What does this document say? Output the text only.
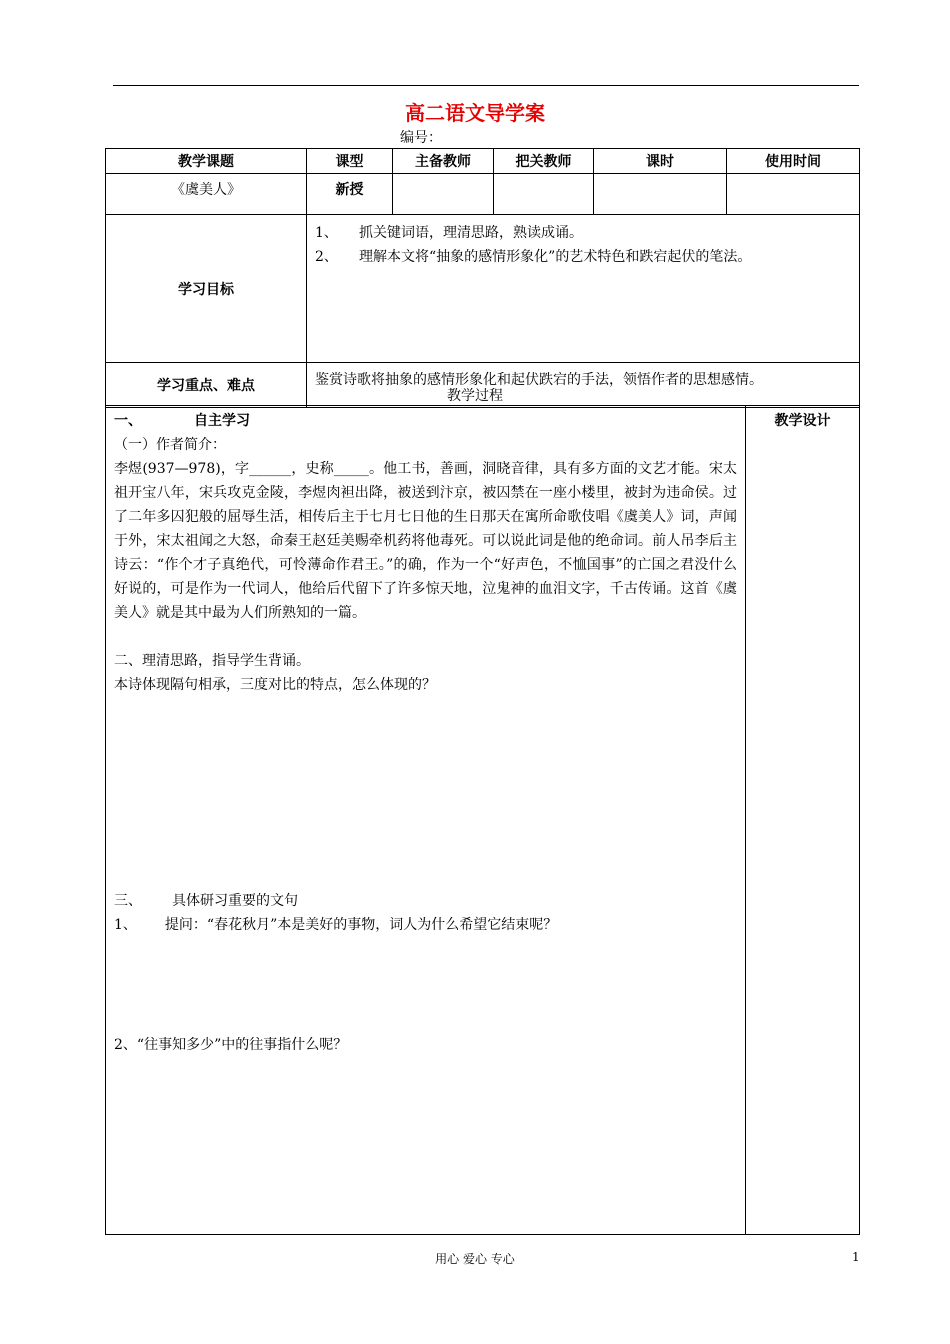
高二语文导学案
编号：
教学课题	课型	主备教师	把关教师	课时	使用时间
《虞美人》	新授				
学习目标	1、 抓关键词语，理清思路，熟读成诵。
2、 理解本文将“抽象的感情形象化”的艺术特色和跌宕起伏的笔法。				

学习重点、难点	鉴赏诗歌将抽象的感情形象化和起伏跌宕的手法，领悟作者的思想感情。				
教学过程
一、	自主学习
（一）作者简介：
李煜(937—978)，字______，史称_____。他工书，善画，洞晓音律，具有多方面的文艺才能。宋太祖开宝八年，宋兵攻克金陵，李煜肉袒出降，被送到汴京，被囚禁在一座小楼里，被封为违命侯。过了二年多囚犯般的屈辱生活，相传后主于七月七日他的生日那天在寓所命歌伎唱《虞美人》词，声闻于外，宋太祖闻之大怒，命秦王赵廷美赐牵机药将他毒死。可以说此词是他的绝命词。前人吊李后主诗云：“作个才子真绝代，可怜薄命作君王。”的确，作为一个“好声色，不恤国事”的亡国之君没什么好说的，可是作为一代词人，他给后代留下了许多惊天地，泣鬼神的血泪文字，千古传诵。这首《虞美人》就是其中最为人们所熟知的一篇。
二、理清思路，指导学生背诵。
本诗体现隔句相承，三度对比的特点，怎么体现的？
三、 具体研习重要的文句
1、 提问：“春花秋月”本是美好的事物，词人为什么希望它结束呢？
2、“往事知多少”中的往事指什么呢？
	教学设计
用心 爱心 专心	1
